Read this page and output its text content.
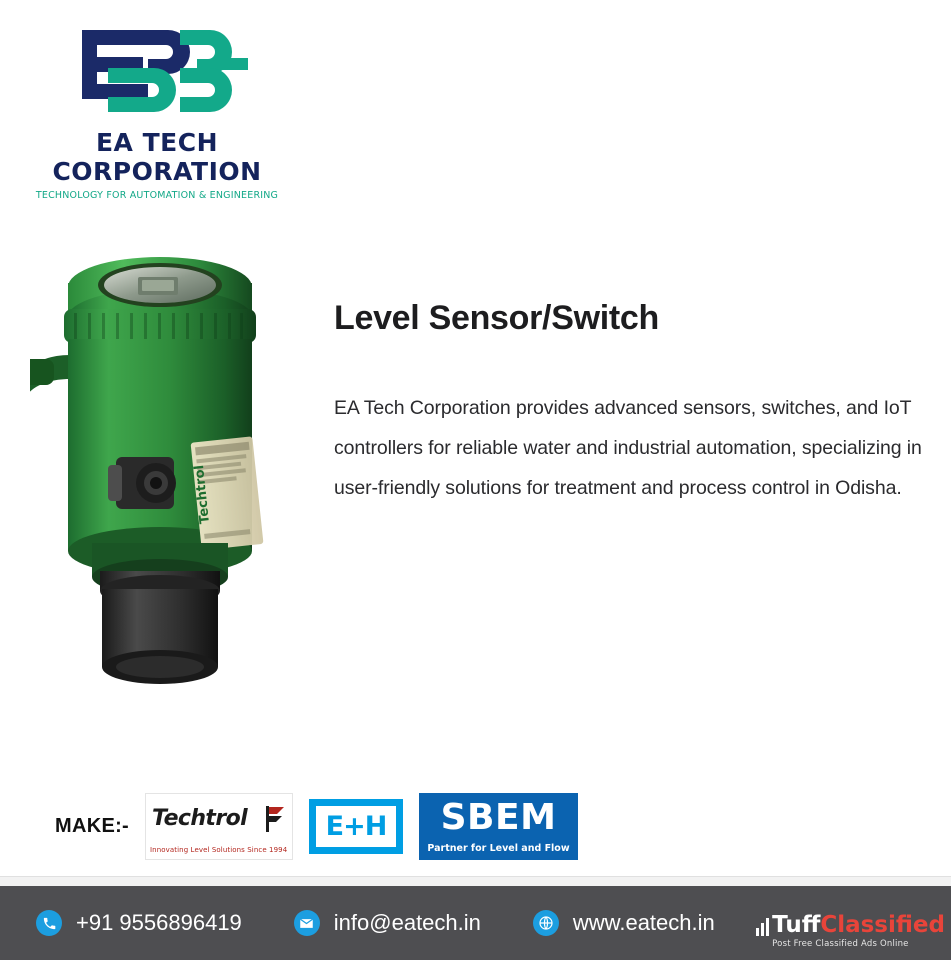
EA TECH CORPORATION
TECHNOLOGY FOR AUTOMATION & ENGINEERING
Techtrol
Level Sensor/Switch

EA Tech Corporation provides advanced sensors, switches, and IoT controllers for reliable water and industrial automation, specializing in user-friendly solutions for treatment and process control in Odisha.

MAKE:- Techtrol
Innovating Level Solutions Since 1994
E+H	SBEM
Partner for Level and Flow
+91 9556896419	info@eatech.in	www.eatech.in TuffClassified
Post Free Classified Ads Online
